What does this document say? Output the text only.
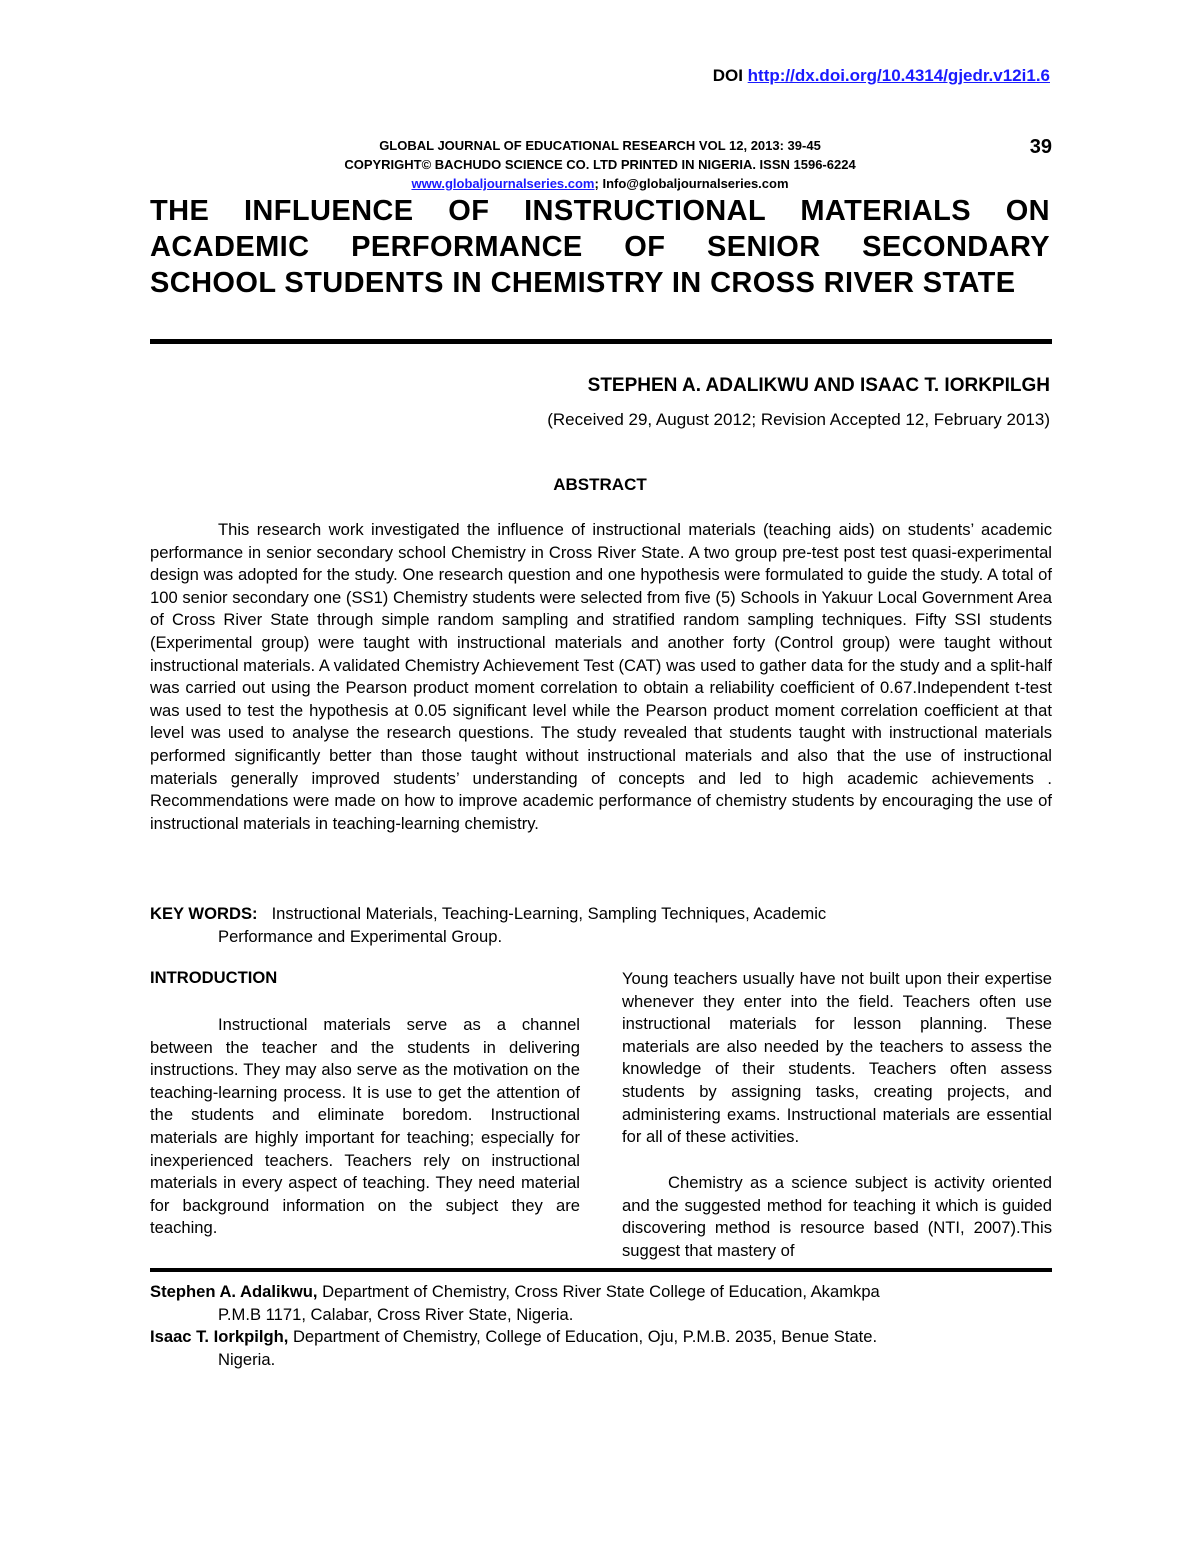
DOI http://dx.doi.org/10.4314/gjedr.v12i1.6
GLOBAL JOURNAL OF EDUCATIONAL RESEARCH VOL 12, 2013: 39-45
COPYRIGHT© BACHUDO SCIENCE CO. LTD PRINTED IN NIGERIA. ISSN 1596-6224
www.globaljournalseries.com; Info@globaljournalseries.com
39
THE INFLUENCE OF INSTRUCTIONAL MATERIALS ON ACADEMIC PERFORMANCE OF SENIOR SECONDARY SCHOOL STUDENTS IN CHEMISTRY IN CROSS RIVER STATE
STEPHEN A. ADALIKWU AND ISAAC T. IORKPILGH
(Received 29, August 2012; Revision Accepted 12, February 2013)
ABSTRACT

This research work investigated the influence of instructional materials (teaching aids) on students’ academic performance in senior secondary school Chemistry in Cross River State. A two group pre-test post test quasi-experimental design was adopted for the study. One research question and one hypothesis were formulated to guide the study. A total of 100 senior secondary one (SS1) Chemistry students were selected from five (5) Schools in Yakuur Local Government Area of Cross River State through simple random sampling and stratified random sampling techniques. Fifty SSI students (Experimental group) were taught with instructional materials and another forty (Control group) were taught without instructional materials. A validated Chemistry Achievement Test (CAT) was used to gather data for the study and a split-half was carried out using the Pearson product moment correlation to obtain a reliability coefficient of 0.67.Independent t-test was used to test the hypothesis at 0.05 significant level while the Pearson product moment correlation coefficient at that level was used to analyse the research questions. The study revealed that students taught with instructional materials performed significantly better than those taught without instructional materials and also that the use of instructional materials generally improved students’ understanding of concepts and led to high academic achievements . Recommendations were made on how to improve academic performance of chemistry students by encouraging the use of instructional materials in teaching-learning chemistry.

KEY WORDS: Instructional Materials, Teaching-Learning, Sampling Techniques, Academic
Performance and Experimental Group.
INTRODUCTION

Instructional materials serve as a channel between the teacher and the students in delivering instructions. They may also serve as the motivation on the teaching-learning process. It is use to get the attention of the students and eliminate boredom. Instructional materials are highly important for teaching; especially for inexperienced teachers. Teachers rely on instructional materials in every aspect of teaching. They need material for background information on the subject they are teaching.

Young teachers usually have not built upon their expertise whenever they enter into the field. Teachers often use instructional materials for lesson planning. These materials are also needed by the teachers to assess the knowledge of their students. Teachers often assess students by assigning tasks, creating projects, and administering exams. Instructional materials are essential for all of these activities.

Chemistry as a science subject is activity oriented and the suggested method for teaching it which is guided discovering method is resource based (NTI, 2007).This suggest that mastery of

Stephen A. Adalikwu, Department of Chemistry, Cross River State College of Education, Akamkpa
P.M.B 1171, Calabar, Cross River State, Nigeria.

Isaac T. Iorkpilgh, Department of Chemistry, College of Education, Oju, P.M.B. 2035, Benue State.
Nigeria.
